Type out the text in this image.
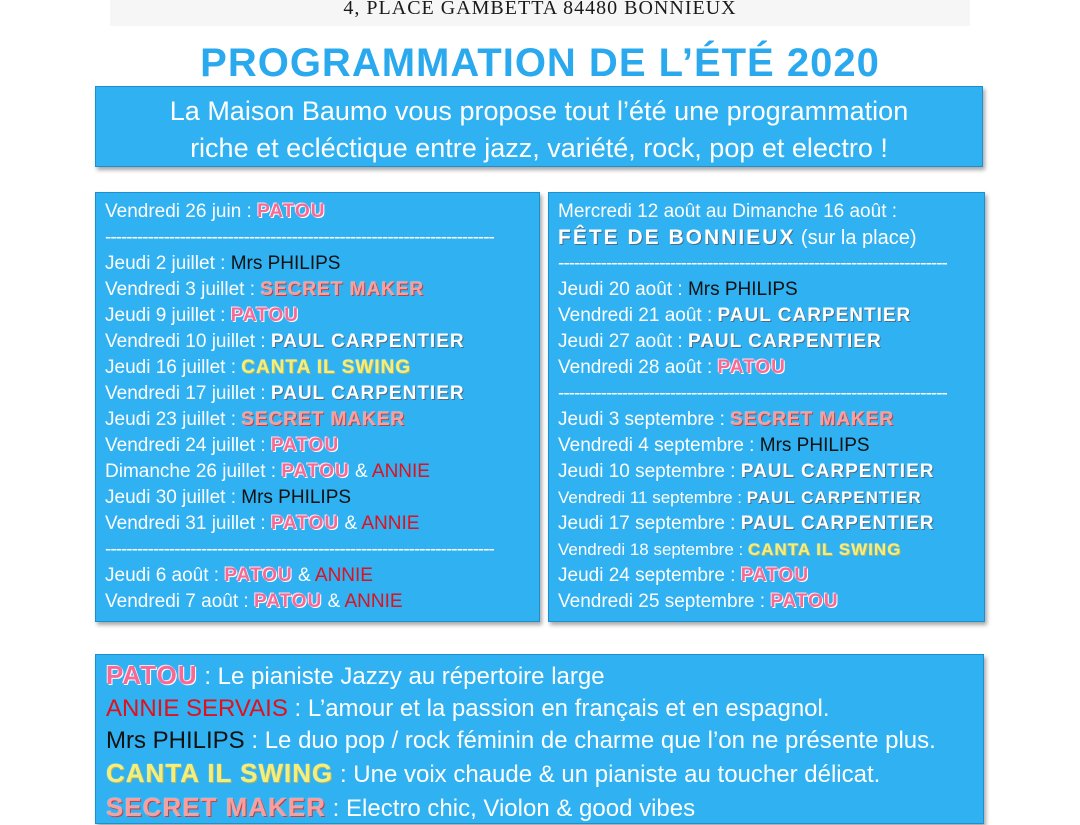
4, PLACE GAMBETTA 84480 BONNIEUX
PROGRAMMATION DE L’ÉTÉ 2020
La Maison Baumo vous propose tout l’été une programmation
riche et ecléctique entre jazz, variété, rock, pop et electro !
Vendredi 26 juin : PATOU
-------------------------------------------------------------------------
Jeudi 2 juillet : Mrs PHILIPS
Vendredi 3 juillet : SECRET MAKER
Jeudi 9 juillet : PATOU
Vendredi 10 juillet : PAUL CARPENTIER
Jeudi 16 juillet : CANTA IL SWING
Vendredi 17 juillet : PAUL CARPENTIER
Jeudi 23 juillet : SECRET MAKER
Vendredi 24 juillet : PATOU
Dimanche 26 juillet : PATOU & ANNIE
Jeudi 30 juillet : Mrs PHILIPS
Vendredi 31 juillet : PATOU & ANNIE
-------------------------------------------------------------------------
Jeudi 6 août : PATOU & ANNIE
Vendredi 7 août : PATOU & ANNIE
Mercredi 12 août au Dimanche 16 août :
FÊTE DE BONNIEUX (sur la place)
-------------------------------------------------------------------------
Jeudi 20 août : Mrs PHILIPS
Vendredi 21 août : PAUL CARPENTIER
Jeudi 27 août : PAUL CARPENTIER
Vendredi 28 août : PATOU
-------------------------------------------------------------------------
Jeudi 3 septembre : SECRET MAKER
Vendredi 4 septembre : Mrs PHILIPS
Jeudi 10 septembre : PAUL CARPENTIER
Vendredi 11 septembre : PAUL CARPENTIER
Jeudi 17 septembre : PAUL CARPENTIER
Vendredi 18 septembre : CANTA IL SWING
Jeudi 24 septembre : PATOU
Vendredi 25 septembre : PATOU
PATOU : Le pianiste Jazzy au répertoire large
ANNIE SERVAIS : L’amour et la passion en français et en espagnol.
Mrs PHILIPS : Le duo pop / rock féminin de charme que l’on ne présente plus.
CANTA IL SWING : Une voix chaude & un pianiste au toucher délicat.
SECRET MAKER : Electro chic, Violon & good vibes
